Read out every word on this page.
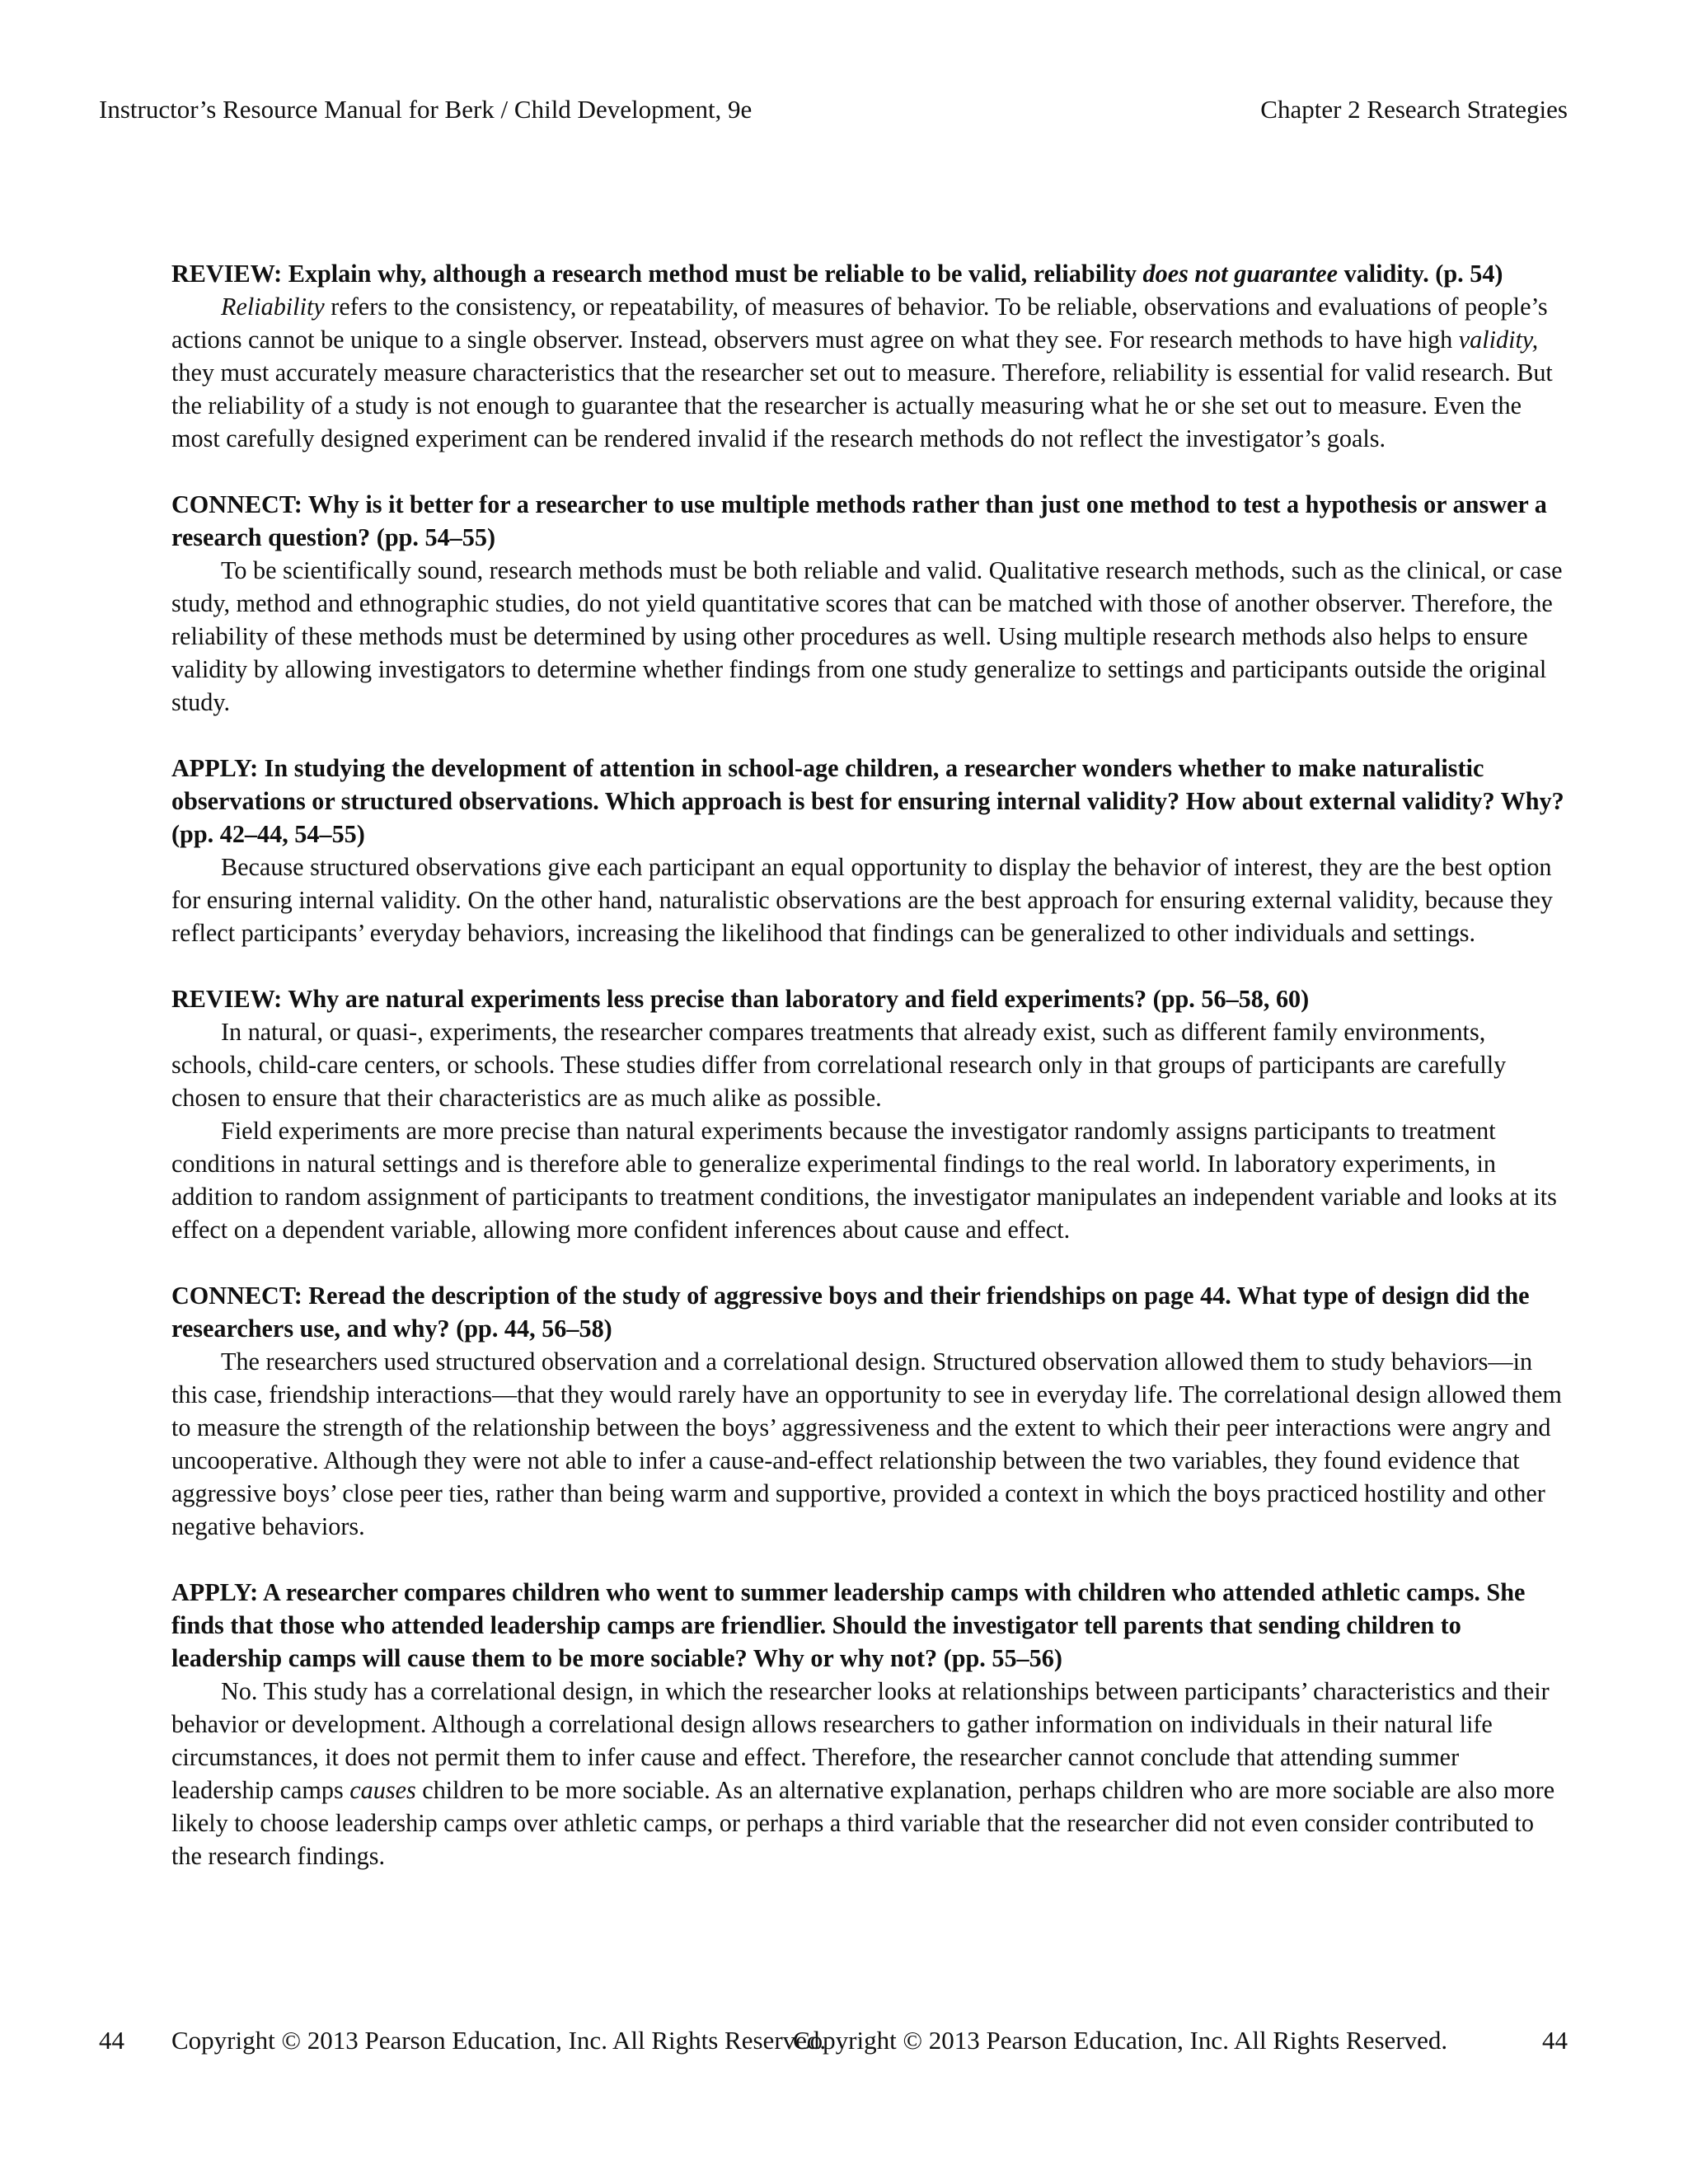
Instructor’s Resource Manual for Berk / Child Development, 9e	Chapter 2 Research Strategies

REVIEW: Explain why, although a research method must be reliable to be valid, reliability does not guarantee validity. (p. 54)

Reliability refers to the consistency, or repeatability, of measures of behavior. To be reliable, observations and evaluations of people’s actions cannot be unique to a single observer. Instead, observers must agree on what they see. For research methods to have high validity, they must accurately measure characteristics that the researcher set out to measure. Therefore, reliability is essential for valid research. But the reliability of a study is not enough to guarantee that the researcher is actually measuring what he or she set out to measure. Even the most carefully designed experiment can be rendered invalid if the research methods do not reflect the investigator’s goals.

CONNECT: Why is it better for a researcher to use multiple methods rather than just one method to test a hypothesis or answer a research question? (pp. 54–55)

To be scientifically sound, research methods must be both reliable and valid. Qualitative research methods, such as the clinical, or case study, method and ethnographic studies, do not yield quantitative scores that can be matched with those of another observer. Therefore, the reliability of these methods must be determined by using other procedures as well. Using multiple research methods also helps to ensure validity by allowing investigators to determine whether findings from one study generalize to settings and participants outside the original study.

APPLY: In studying the development of attention in school-age children, a researcher wonders whether to make naturalistic observations or structured observations. Which approach is best for ensuring internal validity? How about external validity? Why? (pp. 42–44, 54–55)

Because structured observations give each participant an equal opportunity to display the behavior of interest, they are the best option for ensuring internal validity. On the other hand, naturalistic observations are the best approach for ensuring external validity, because they reflect participants’ everyday behaviors, increasing the likelihood that findings can be generalized to other individuals and settings.

REVIEW: Why are natural experiments less precise than laboratory and field experiments? (pp. 56–58, 60)

In natural, or quasi-, experiments, the researcher compares treatments that already exist, such as different family environments, schools, child-care centers, or schools. These studies differ from correlational research only in that groups of participants are carefully chosen to ensure that their characteristics are as much alike as possible.

Field experiments are more precise than natural experiments because the investigator randomly assigns participants to treatment conditions in natural settings and is therefore able to generalize experimental findings to the real world. In laboratory experiments, in addition to random assignment of participants to treatment conditions, the investigator manipulates an independent variable and looks at its effect on a dependent variable, allowing more confident inferences about cause and effect.

CONNECT: Reread the description of the study of aggressive boys and their friendships on page 44. What type of design did the researchers use, and why? (pp. 44, 56–58)

The researchers used structured observation and a correlational design. Structured observation allowed them to study behaviors—in this case, friendship interactions—that they would rarely have an opportunity to see in everyday life. The correlational design allowed them to measure the strength of the relationship between the boys’ aggressiveness and the extent to which their peer interactions were angry and uncooperative. Although they were not able to infer a cause-and-effect relationship between the two variables, they found evidence that aggressive boys’ close peer ties, rather than being warm and supportive, provided a context in which the boys practiced hostility and other negative behaviors.

APPLY: A researcher compares children who went to summer leadership camps with children who attended athletic camps. She finds that those who attended leadership camps are friendlier. Should the investigator tell parents that sending children to leadership camps will cause them to be more sociable? Why or why not? (pp. 55–56)

No. This study has a correlational design, in which the researcher looks at relationships between participants’ characteristics and their behavior or development. Although a correlational design allows researchers to gather information on individuals in their natural life circumstances, it does not permit them to infer cause and effect. Therefore, the researcher cannot conclude that attending summer leadership camps causes children to be more sociable. As an alternative explanation, perhaps children who are more sociable are also more likely to choose leadership camps over athletic camps, or perhaps a third variable that the researcher did not even consider contributed to the research findings.

44 Copyright © 2013 Pearson Education, Inc. All Rights Reserved.
Copyright © 2013 Pearson Education, Inc. All Rights Reserved.	44
